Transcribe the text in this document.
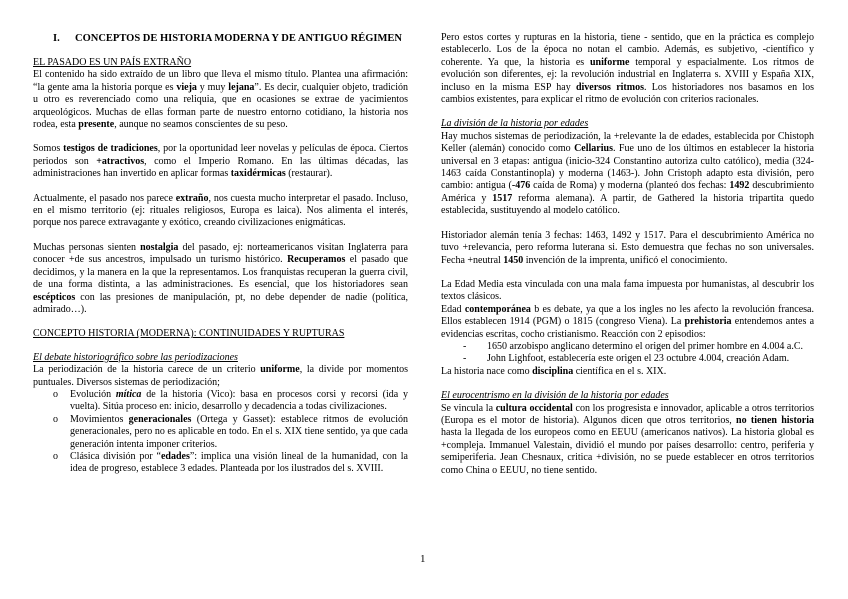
I. CONCEPTOS DE HISTORIA MODERNA Y DE ANTIGUO RÉGIMEN

EL PASADO ES UN PAÍS EXTRAÑO

El contenido ha sido extraído de un libro que lleva el mismo título. Plantea una afirmación: “la gente ama la historia porque es vieja y muy lejana”. Es decir, cualquier objeto, tradición u otro es reverenciado como una reliquia, que en ocasiones se extrae de yacimientos arqueológicos. Muchas de ellas forman parte de nuestro entorno cotidiano, la historia nos rodea, esta presente, aunque no seamos conscientes de su peso.

Somos testigos de tradiciones, por la oportunidad leer novelas y películas de época. Ciertos periodos son +atractivos, como el Imperio Romano. En las últimas décadas, las administraciones han invertido en aplicar formas taxidérmicas (restaurar).

Actualmente, el pasado nos parece extraño, nos cuesta mucho interpretar el pasado. Incluso, en el mismo territorio (ej: rituales religiosos, Europa es laica). Nos alimenta el interés, porque nos parece extravagante y exótico, creando civilizaciones enigmáticas.

Muchas personas sienten nostalgia del pasado, ej: norteamericanos visitan Inglaterra para conocer +de sus ancestros, impulsado un turismo histórico. Recuperamos el pasado que decidimos, y la manera en la que la representamos. Los franquistas recuperan la guerra civil, de una forma distinta, a las administraciones. Es esencial, que los historiadores sean escépticos con las presiones de manipulación, pt, no debe depender de nadie (política, admirado…).

CONCEPTO HISTORIA (MODERNA): CONTINUIDADES Y RUPTURAS

El debate historiográfico sobre las periodizaciones

La periodización de la historia carece de un criterio uniforme, la divide por momentos puntuales. Diversos sistemas de periodización;

o Evolución mítica de la historia (Vico): basa en procesos corsi y recorsi (ida y vuelta). Sitúa proceso en: inicio, desarrollo y decadencia a todas civilizaciones.
o Movimientos generacionales (Ortega y Gasset): establece ritmos de evolución generacionales, pero no es aplicable en todo. En el s. XIX tiene sentido, ya que cada generación intenta imponer criterios.
o Clásica división por “edades”: implica una visión lineal de la humanidad, con la idea de progreso, establece 3 edades. Planteada por los ilustrados del s. XVIII.

Pero estos cortes y rupturas en la historia, tiene - sentido, que en la práctica es complejo establecerlo. Los de la época no notan el cambio. Además, es subjetivo, -científico y coherente. Ya que, la historia es uniforme temporal y espacialmente. Los ritmos de evolución son diferentes, ej: la revolución industrial en Inglaterra s. XVIII y España XIX, incluso en la misma ESP hay diversos ritmos. Los historiadores nos basamos en los cambios existentes, para explicar el ritmo de evolución con criterios racionales.

La división de la historia por edades

Hay muchos sistemas de periodización, la +relevante la de edades, establecida por Chistoph Keller (alemán) conocido como Cellarius. Fue uno de los últimos en establecer la historia universal en 3 etapas: antigua (inicio-324 Constantino autoriza culto católico), media (324-1463 caída Constantinopla) y moderna (1463-). John Cristoph adapto esta división, pero cambio: antigua (-476 caída de Roma) y moderna (planteó dos fechas: 1492 descubrimiento América y 1517 reforma alemana). A partir, de Gathered la historia tripartita quedo establecida, sustituyendo al modelo católico.

Historiador alemán tenía 3 fechas: 1463, 1492 y 1517. Para el descubrimiento América no tuvo +relevancia, pero reforma luterana si. Esto demuestra que fechas no son universales. Fecha +neutral 1450 invención de la imprenta, unificó el conocimiento.

La Edad Media esta vinculada con una mala fama impuesta por humanistas, al descubrir los textos clásicos.

Edad contemporánea b es debate, ya que a los ingles no les afecto la revolución francesa. Ellos establecen 1914 (PGM) o 1815 (congreso Viena). La prehistoria entendemos antes a evidencias escritas, cocho cristianismo. Reacción con 2 episodios:

- 1650 arzobispo anglicano determino el origen del primer hombre en 4.004 a.C.
- John Lighfoot, establecería este origen el 23 octubre 4.004, creación Adam.

La historia nace como disciplina científica en el s. XIX.

El eurocentrismo en la división de la historia por edades

Se vincula la cultura occidental con los progresista e innovador, aplicable a otros territorios (Europa es el motor de historia). Algunos dicen que otros territorios, no tienen historia hasta la llegada de los europeos como en EEUU (americanos nativos). La historia global es +compleja. Immanuel Valestain, dividió el mundo por países desarrollo: centro, periferia y semiperiferia. Jean Chesnaux, critica +división, no se puede establecer en otros territorios como China o EEUU, no tiene sentido.

1
